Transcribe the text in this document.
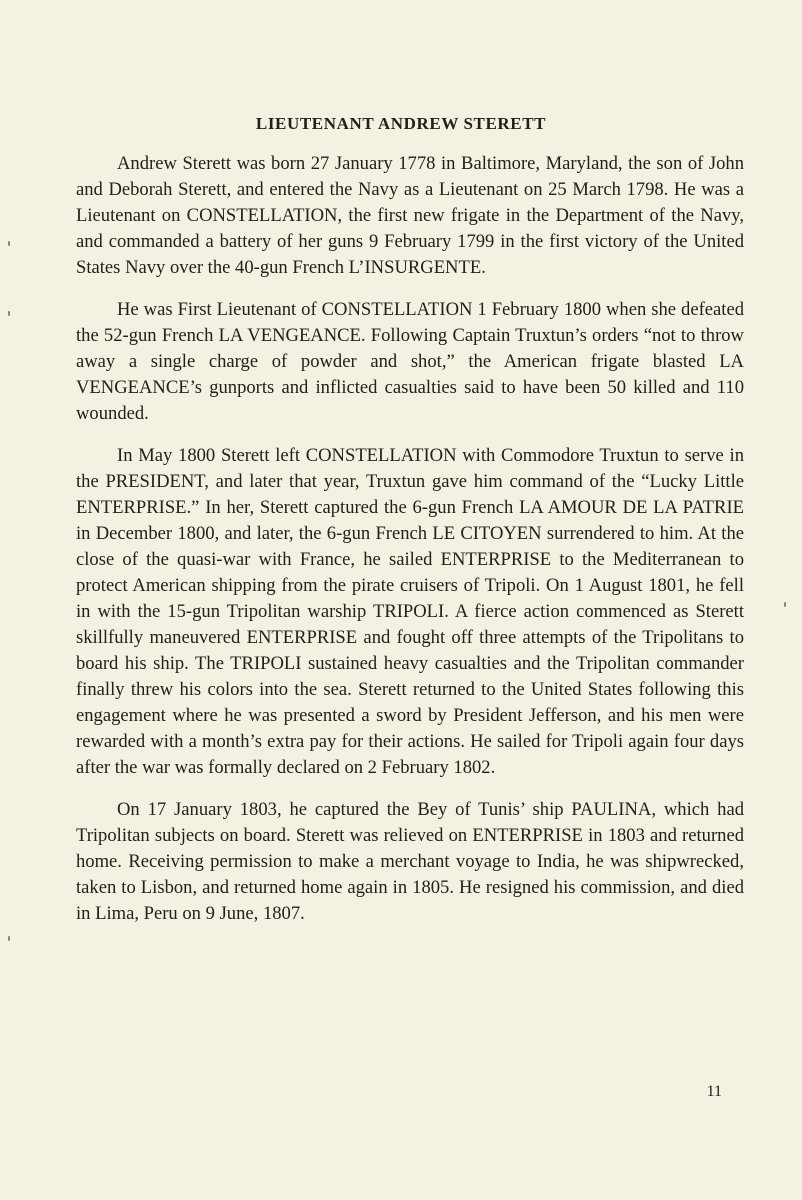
LIEUTENANT ANDREW STERETT

Andrew Sterett was born 27 January 1778 in Baltimore, Maryland, the son of John and Deborah Sterett, and entered the Navy as a Lieutenant on 25 March 1798. He was a Lieutenant on CONSTELLATION, the first new frigate in the Department of the Navy, and commanded a battery of her guns 9 February 1799 in the first victory of the United States Navy over the 40-gun French L’INSURGENTE.

He was First Lieutenant of CONSTELLATION 1 February 1800 when she defeated the 52-gun French LA VENGEANCE. Following Captain Truxtun’s orders “not to throw away a single charge of powder and shot,” the American frigate blasted LA VENGEANCE’s gunports and inflicted casualties said to have been 50 killed and 110 wounded.

In May 1800 Sterett left CONSTELLATION with Commodore Truxtun to serve in the PRESIDENT, and later that year, Truxtun gave him command of the “Lucky Little ENTERPRISE.” In her, Sterett captured the 6-gun French LA AMOUR DE LA PATRIE in December 1800, and later, the 6-gun French LE CITOYEN surrendered to him. At the close of the quasi-war with France, he sailed ENTERPRISE to the Mediterranean to protect American shipping from the pirate cruisers of Tripoli. On 1 August 1801, he fell in with the 15-gun Tripolitan warship TRIPOLI. A fierce action commenced as Sterett skillfully maneuvered ENTERPRISE and fought off three attempts of the Tripolitans to board his ship. The TRIPOLI sustained heavy casualties and the Tripolitan commander finally threw his colors into the sea. Sterett returned to the United States following this engagement where he was presented a sword by President Jefferson, and his men were rewarded with a month’s extra pay for their actions. He sailed for Tripoli again four days after the war was formally declared on 2 February 1802.

On 17 January 1803, he captured the Bey of Tunis’ ship PAULINA, which had Tripolitan subjects on board. Sterett was relieved on ENTERPRISE in 1803 and returned home. Receiving permission to make a merchant voyage to India, he was shipwrecked, taken to Lisbon, and returned home again in 1805. He resigned his commission, and died in Lima, Peru on 9 June, 1807.

11
